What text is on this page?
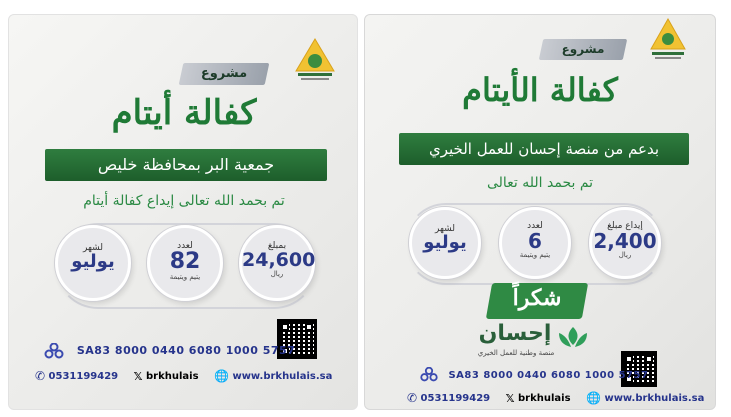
مشروع
كفالة أيتام
جمعية البر بمحافظة خليص
تم بحمد الله تعالى إيداع كفالة أيتام
بمبلغ
24,600
ريال
لعدد
82
يتيم ويتيمة
لشهر
يوليو
SA83 8000 0440 6080 1000 5757
✆ 0531199429 𝕏 brkhulais 🌐 www.brkhulais.sa
مشروع
كفالة الأيتام
بدعم من منصة إحسان للعمل الخيري
تم بحمد الله تعالى
إيداع مبلغ
2,400
ريال
لعدد
6
يتيم ويتيمة
لشهر
يوليو
شكراً
إحسان
منصة وطنية للعمل الخيري
SA83 8000 0440 6080 1000 5757
✆ 0531199429 𝕏 brkhulais 🌐 www.brkhulais.sa
